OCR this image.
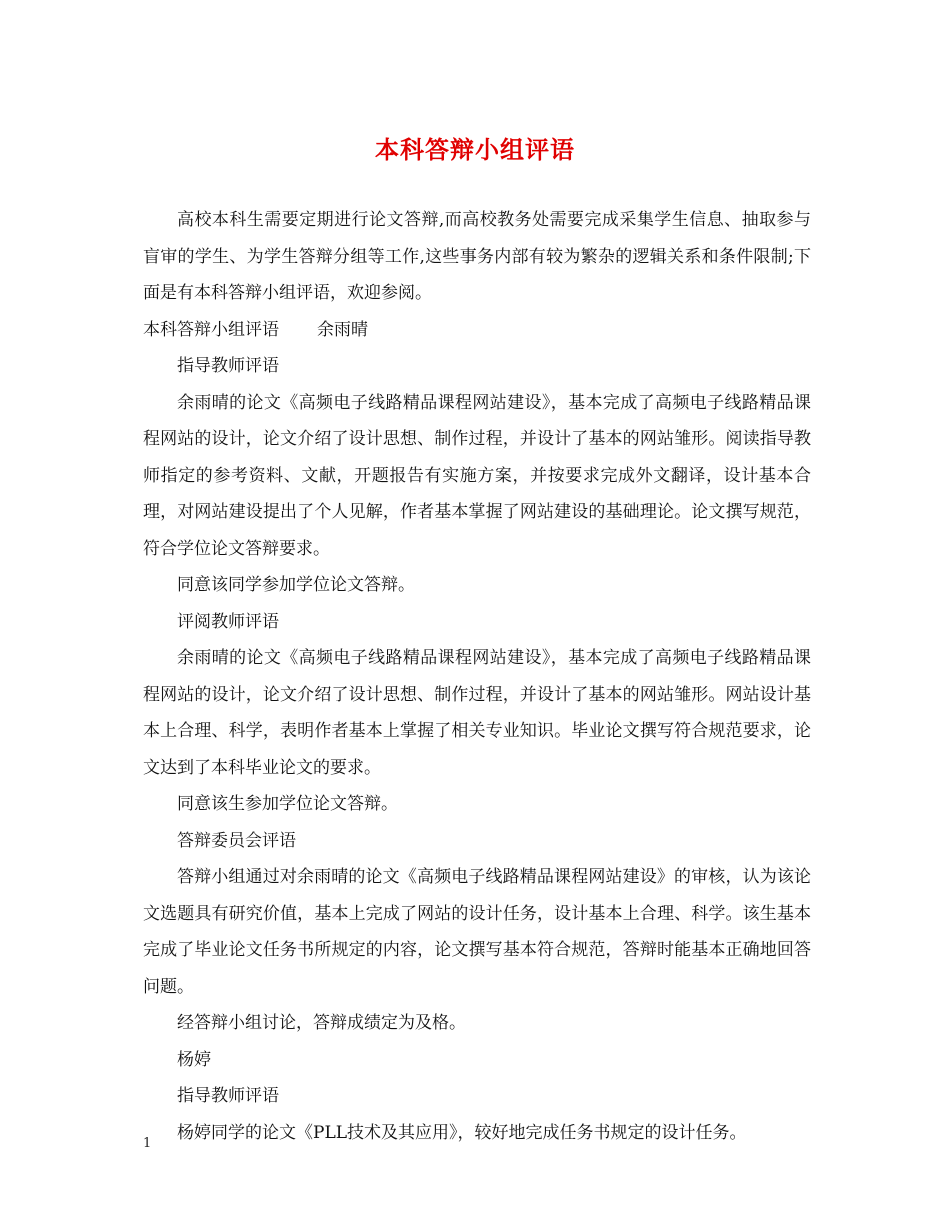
本科答辩小组评语

高校本科生需要定期进行论文答辩,而高校教务处需要完成采集学生信息、抽取参与盲审的学生、为学生答辩分组等工作,这些事务内部有较为繁杂的逻辑关系和条件限制;下面是有本科答辩小组评语，欢迎参阅。

本科答辩小组评语 余雨晴

指导教师评语

余雨晴的论文《高频电子线路精品课程网站建设》，基本完成了高频电子线路精品课程网站的设计，论文介绍了设计思想、制作过程，并设计了基本的网站雏形。阅读指导教师指定的参考资料、文献，开题报告有实施方案，并按要求完成外文翻译，设计基本合理，对网站建设提出了个人见解，作者基本掌握了网站建设的基础理论。论文撰写规范，符合学位论文答辩要求。

同意该同学参加学位论文答辩。

评阅教师评语

余雨晴的论文《高频电子线路精品课程网站建设》，基本完成了高频电子线路精品课程网站的设计，论文介绍了设计思想、制作过程，并设计了基本的网站雏形。网站设计基本上合理、科学，表明作者基本上掌握了相关专业知识。毕业论文撰写符合规范要求，论文达到了本科毕业论文的要求。

同意该生参加学位论文答辩。

答辩委员会评语

答辩小组通过对余雨晴的论文《高频电子线路精品课程网站建设》的审核，认为该论文选题具有研究价值，基本上完成了网站的设计任务，设计基本上合理、科学。该生基本完成了毕业论文任务书所规定的内容，论文撰写基本符合规范，答辩时能基本正确地回答问题。

经答辩小组讨论，答辩成绩定为及格。

杨婷

指导教师评语

杨婷同学的论文《PLL技术及其应用》，较好地完成任务书规定的设计任务。

1
